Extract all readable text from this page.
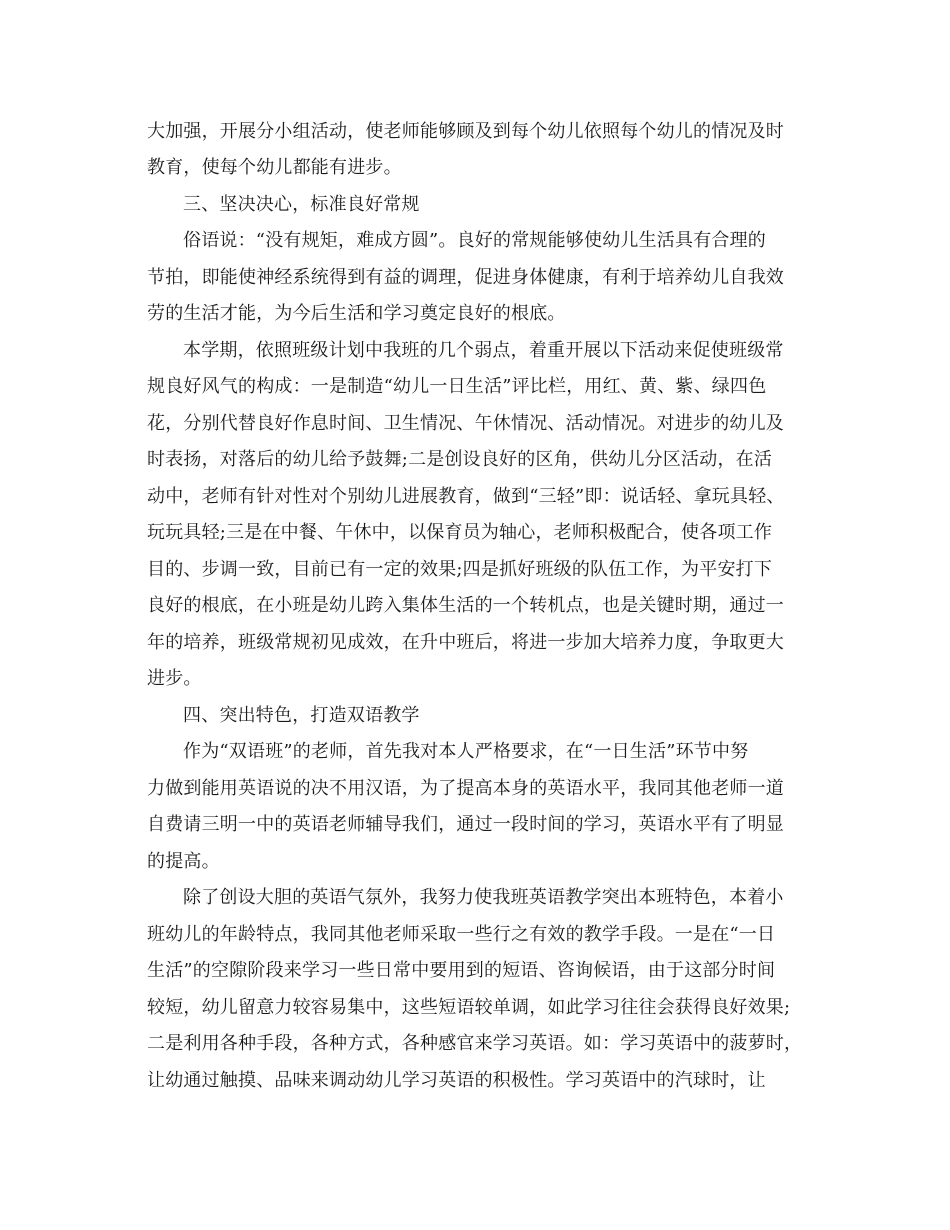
大加强，开展分小组活动，使老师能够顾及到每个幼儿依照每个幼儿的情况及时
教育，使每个幼儿都能有进步。
三、坚决决心，标准良好常规
俗语说：“没有规矩，难成方圆”。良好的常规能够使幼儿生活具有合理的
节拍，即能使神经系统得到有益的调理，促进身体健康，有利于培养幼儿自我效
劳的生活才能，为今后生活和学习奠定良好的根底。
本学期，依照班级计划中我班的几个弱点，着重开展以下活动来促使班级常
规良好风气的构成：一是制造“幼儿一日生活”评比栏，用红、黄、紫、绿四色
花，分别代替良好作息时间、卫生情况、午休情况、活动情况。对进步的幼儿及
时表扬，对落后的幼儿给予鼓舞;二是创设良好的区角，供幼儿分区活动，在活
动中，老师有针对性对个别幼儿进展教育，做到“三轻”即：说话轻、拿玩具轻、
玩玩具轻;三是在中餐、午休中，以保育员为轴心，老师积极配合，使各项工作
目的、步调一致，目前已有一定的效果;四是抓好班级的队伍工作，为平安打下
良好的根底，在小班是幼儿跨入集体生活的一个转机点，也是关键时期，通过一
年的培养，班级常规初见成效，在升中班后，将进一步加大培养力度，争取更大
进步。
四、突出特色，打造双语教学
作为“双语班”的老师，首先我对本人严格要求，在“一日生活”环节中努
力做到能用英语说的决不用汉语，为了提高本身的英语水平，我同其他老师一道
自费请三明一中的英语老师辅导我们，通过一段时间的学习，英语水平有了明显
的提高。
除了创设大胆的英语气氛外，我努力使我班英语教学突出本班特色，本着小
班幼儿的年龄特点，我同其他老师采取一些行之有效的教学手段。一是在“一日
生活”的空隙阶段来学习一些日常中要用到的短语、咨询候语，由于这部分时间
较短，幼儿留意力较容易集中，这些短语较单调，如此学习往往会获得良好效果;
二是利用各种手段，各种方式，各种感官来学习英语。如：学习英语中的菠萝时，
让幼通过触摸、品味来调动幼儿学习英语的积极性。学习英语中的汽球时，让
